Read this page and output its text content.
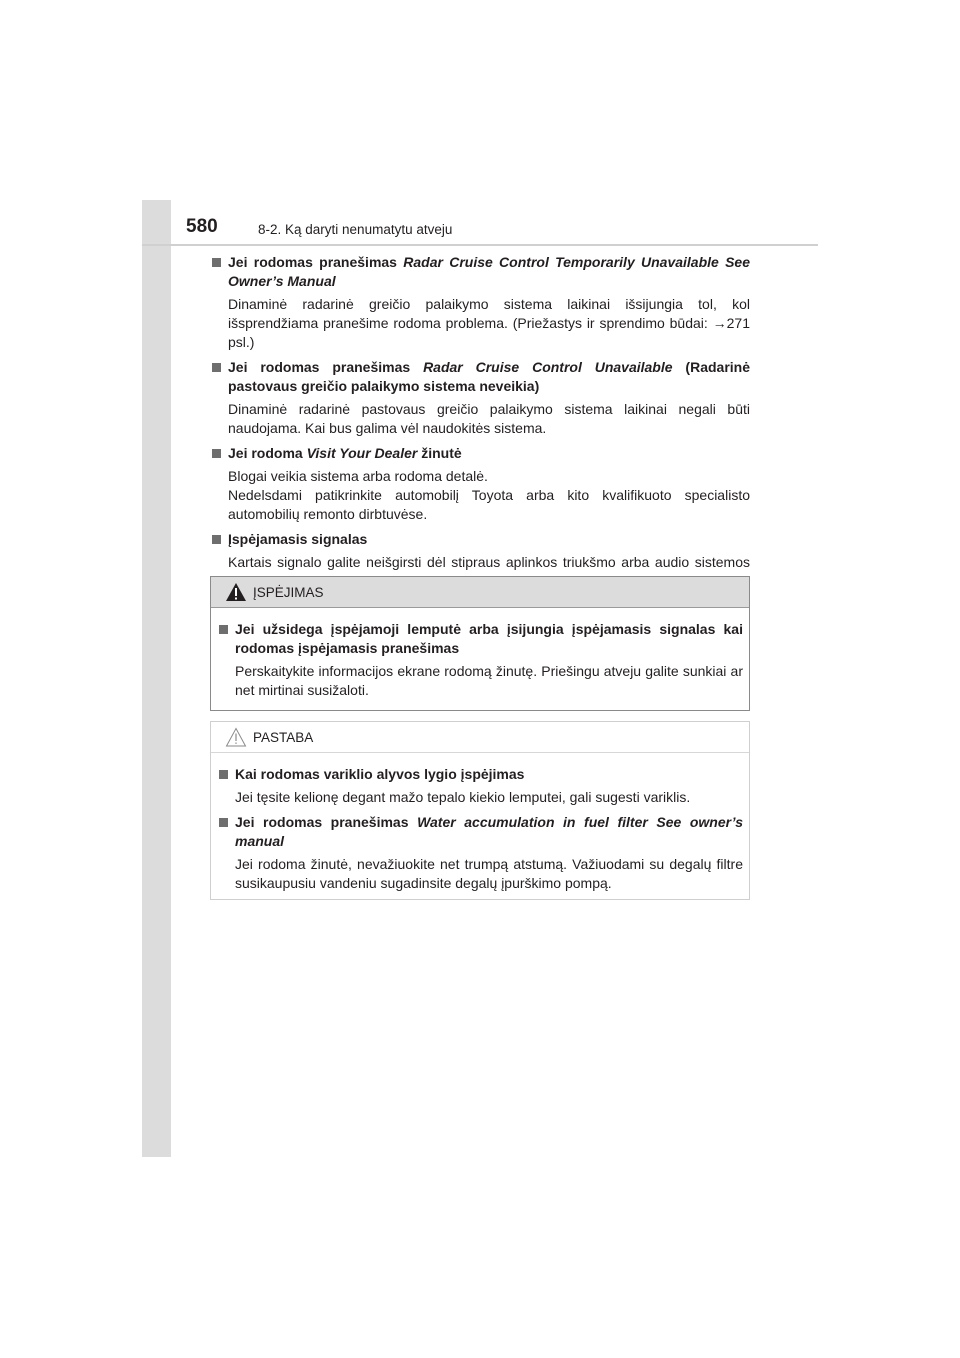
580	8-2. Ką daryti nenumatytu atveju
Jei rodomas pranešimas Radar Cruise Control Temporarily Unavailable See Owner’s Manual

Dinaminė radarinė greičio palaikymo sistema laikinai išsijungia tol, kol išsprendžiama pranešime rodoma problema. (Priežastys ir sprendimo būdai: →271 psl.)

Jei rodomas pranešimas Radar Cruise Control Unavailable (Radarinė pastovaus greičio palaikymo sistema neveikia)

Dinaminė radarinė pastovaus greičio palaikymo sistema laikinai negali būti naudojama. Kai bus galima vėl naudokitės sistema.

Jei rodoma Visit Your Dealer žinutė

Blogai veikia sistema arba rodoma detalė.

Nedelsdami patikrinkite automobilį Toyota arba kito kvalifikuoto specialisto automobilių remonto dirbtuvėse.

Įspėjamasis signalas

Kartais signalo galite neišgirsti dėl stipraus aplinkos triukšmo arba audio sistemos

ĮSPĖJIMAS
Jei užsidega įspėjamoji lemputė arba įsijungia įspėjamasis signalas kai rodomas įspėjamasis pranešimas

Perskaitykite informacijos ekrane rodomą žinutę. Priešingu atveju galite sunkiai ar net mirtinai susižaloti.

PASTABA
Kai rodomas variklio alyvos lygio įspėjimas

Jei tęsite kelionę degant mažo tepalo kiekio lemputei, gali sugesti variklis.

Jei rodomas pranešimas Water accumulation in fuel filter See owner’s manual

Jei rodoma žinutė, nevažiuokite net trumpą atstumą. Važiuodami su degalų filtre susikaupusiu vandeniu sugadinsite degalų įpurškimo pompą.
